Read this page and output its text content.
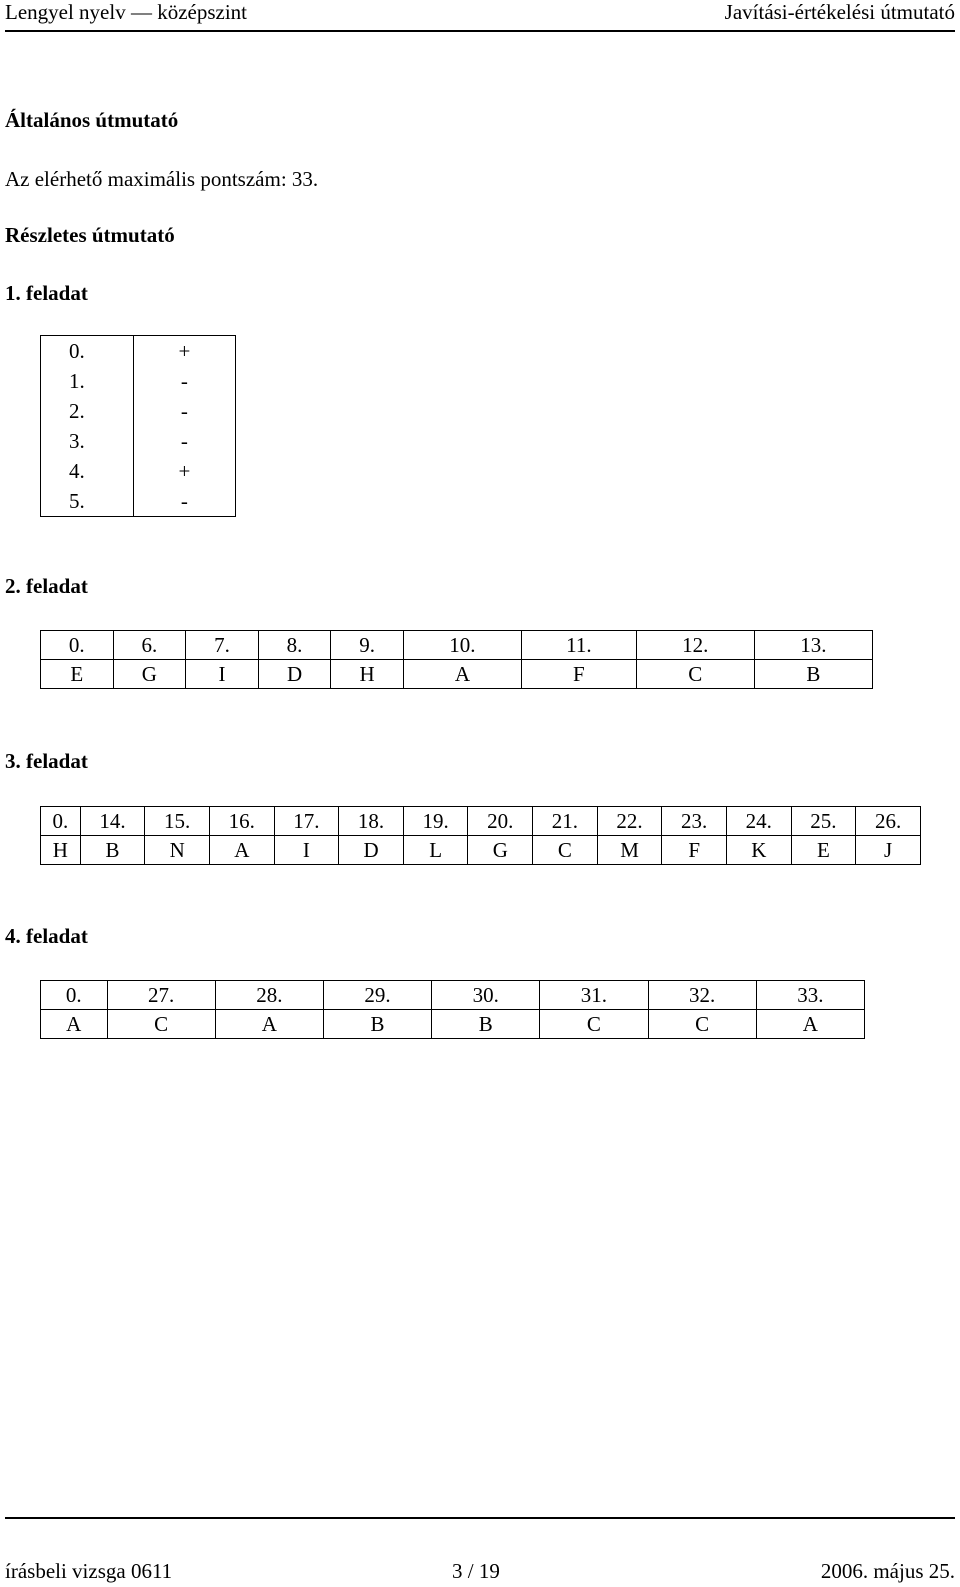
Lengyel nyelv — középszint	Javítási-értékelési útmutató
Általános útmutató
Az elérhető maximális pontszám: 33.
Részletes útmutató
1. feladat
0.	+
1.	-
2.	-
3.	-
4.	+
5.	-
2. feladat
0.	6.	7.	8.	9.	10.	11.	12.	13.
E	G	I	D	H	A	F	C	B
3. feladat
0.	14.	15.	16.	17.	18.	19.	20.	21.	22.	23.	24.	25.	26.
H	B	N	A	I	D	L	G	C	M	F	K	E	J
4. feladat
0.	27.	28.	29.	30.	31.	32.	33.
A	C	A	B	B	C	C	A
írásbeli vizsga 0611	3 / 19	2006. május 25.
